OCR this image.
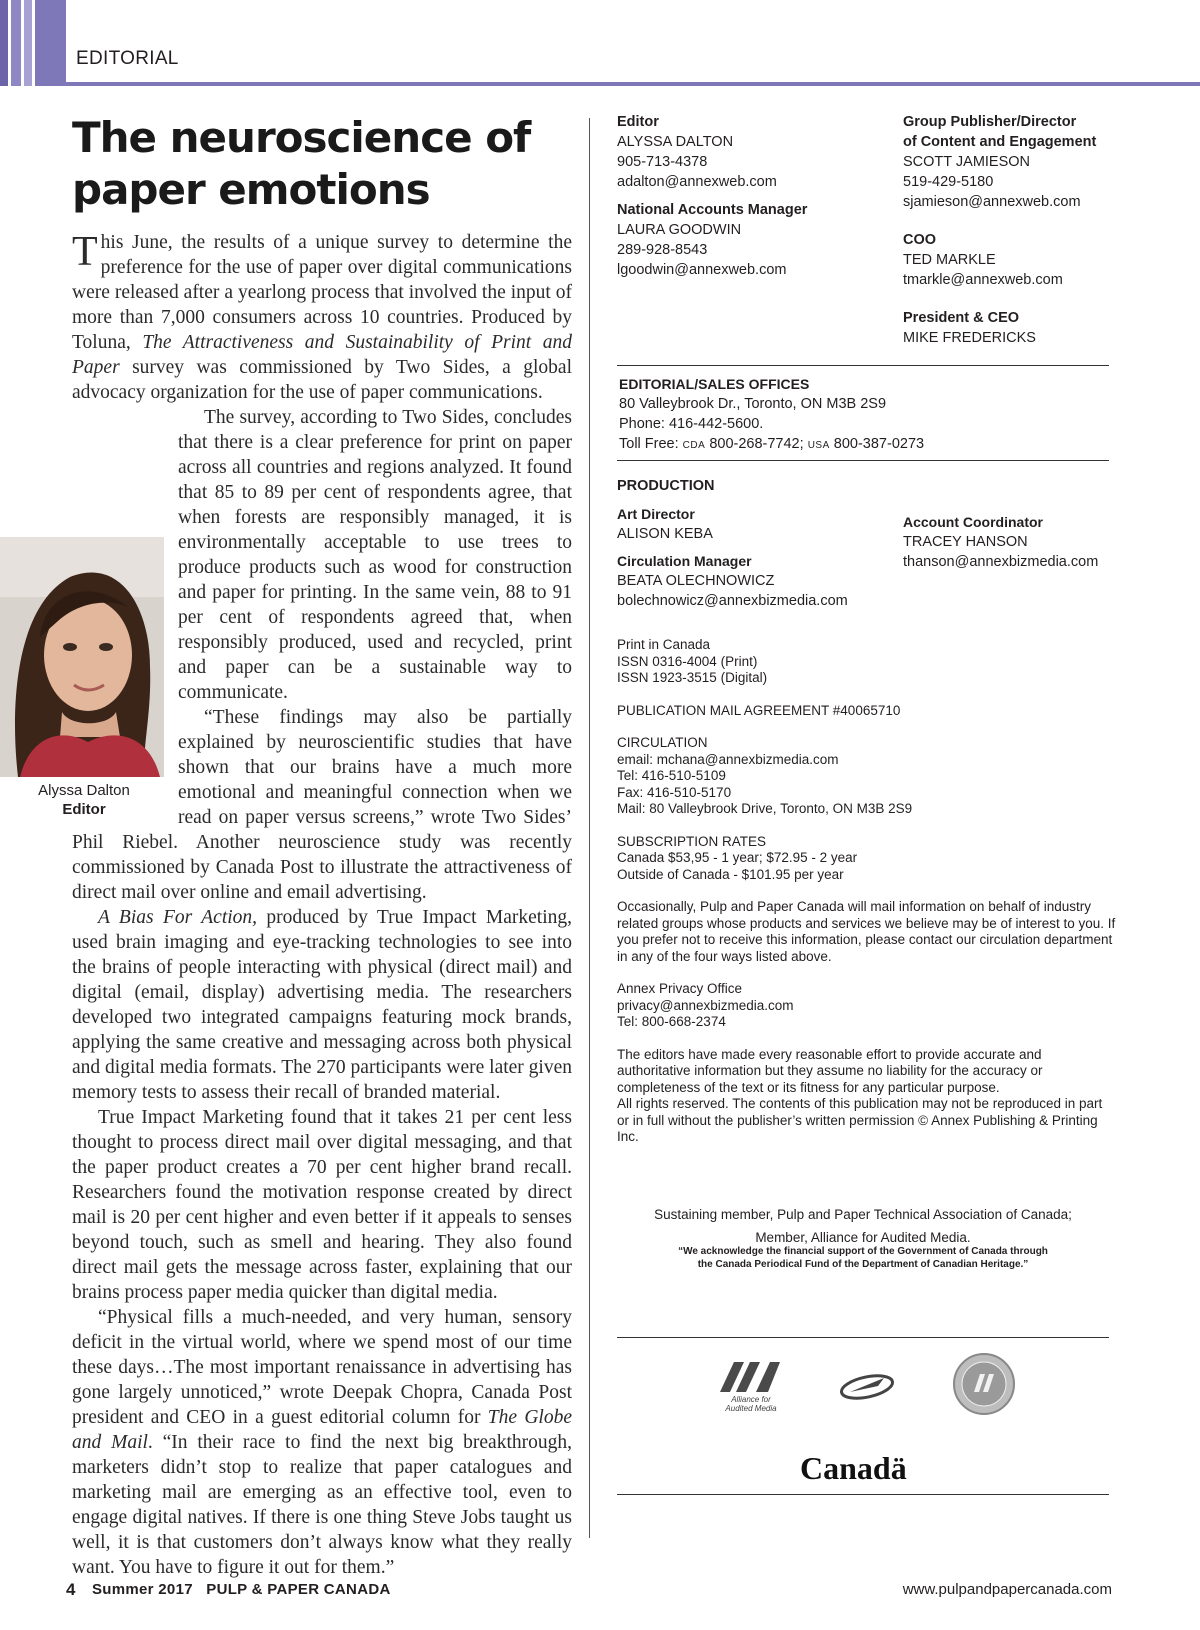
EDITORIAL
The neuroscience of paper emotions

This June, the results of a unique survey to determine the preference for the use of paper over digital communications were released after a yearlong process that involved the input of more than 7,000 consumers across 10 countries. Produced by Toluna, The Attractiveness and Sustainability of Print and Paper survey was commissioned by Two Sides, a global advocacy organization for the use of paper communications.

The survey, according to Two Sides, concludes that there is a clear preference for print on paper across all countries and regions analyzed. It found that 85 to 89 per cent of respondents agree, that when forests are responsibly managed, it is environmentally acceptable to use trees to produce products such as wood for construction and paper for printing. In the same vein, 88 to 91 per cent of respondents agreed that, when responsibly produced, used and recycled, print and paper can be a sustainable way to communicate.

“These findings may also be partially explained by neuroscientific studies that have shown that our brains have a much more emotional and meaningful connection when we read on paper versus screens,” wrote Two Sides’ Phil Riebel. Another neuroscience study was recently commissioned by Canada Post to illustrate the attractiveness of direct mail over online and email advertising.

A Bias For Action, produced by True Impact Marketing, used brain imaging and eye-tracking technologies to see into the brains of people interacting with physical (direct mail) and digital (email, display) advertising media. The researchers developed two integrated campaigns featuring mock brands, applying the same creative and messaging across both physical and digital media formats. The 270 participants were later given memory tests to assess their recall of branded material.

True Impact Marketing found that it takes 21 per cent less thought to process direct mail over digital messaging, and that the paper product creates a 70 per cent higher brand recall. Researchers found the motivation response created by direct mail is 20 per cent higher and even better if it appeals to senses beyond touch, such as smell and hearing. They also found direct mail gets the message across faster, explaining that our brains process paper media quicker than digital media.

“Physical fills a much-needed, and very human, sensory deficit in the virtual world, where we spend most of our time these days…The most important renaissance in advertising has gone largely unnoticed,” wrote Deepak Chopra, Canada Post president and CEO in a guest editorial column for The Globe and Mail. “In their race to find the next big breakthrough, marketers didn’t stop to realize that paper catalogues and marketing mail are emerging as an effective tool, even to engage digital natives. If there is one thing Steve Jobs taught us well, it is that customers don’t always know what they really want. You have to figure it out for them.”

Alyssa Dalton
Editor
Editor
ALYSSA DALTON
905-713-4378
adalton@annexweb.com
National Accounts Manager
LAURA GOODWIN
289-928-8543
lgoodwin@annexweb.com
Group Publisher/Director
of Content and Engagement
SCOTT JAMIESON
519-429-5180
sjamieson@annexweb.com
COO
TED MARKLE
tmarkle@annexweb.com
President & CEO
MIKE FREDERICKS
EDITORIAL/SALES OFFICES
80 Valleybrook Dr., Toronto, ON M3B 2S9
Phone: 416-442-5600.
Toll Free: CDA 800-268-7742; USA 800-387-0273
PRODUCTION
Art Director
ALISON KEBA
Circulation Manager
BEATA OLECHNOWICZ
bolechnowicz@annexbizmedia.com
Account Coordinator
TRACEY HANSON
thanson@annexbizmedia.com
Print in Canada
ISSN 0316-4004 (Print)
ISSN 1923-3515 (Digital)
PUBLICATION MAIL AGREEMENT #40065710
CIRCULATION
email: mchana@annexbizmedia.com
Tel: 416-510-5109
Fax: 416-510-5170
Mail: 80 Valleybrook Drive, Toronto, ON M3B 2S9
SUBSCRIPTION RATES
Canada $53,95 - 1 year; $72.95 - 2 year
Outside of Canada - $101.95 per year
Occasionally, Pulp and Paper Canada will mail information on behalf of industry related groups whose products and services we believe may be of interest to you. If you prefer not to receive this information, please contact our circulation department in any of the four ways listed above.
Annex Privacy Office
privacy@annexbizmedia.com
Tel: 800-668-2374
The editors have made every reasonable effort to provide accurate and authoritative information but they assume no liability for the accuracy or completeness of the text or its fitness for any particular purpose.
All rights reserved. The contents of this publication may not be reproduced in part or in full without the publisher’s written permission © Annex Publishing & Printing Inc.
Sustaining member, Pulp and Paper Technical Association of Canada;
Member, Alliance for Audited Media.
“We acknowledge the financial support of the Government of Canada through
the Canada Periodical Fund of the Department of Canadian Heritage.”
Alliance for
Audited Media
Canadä
4 Summer 2017   PULP & PAPER CANADA	www.pulpandpapercanada.com
